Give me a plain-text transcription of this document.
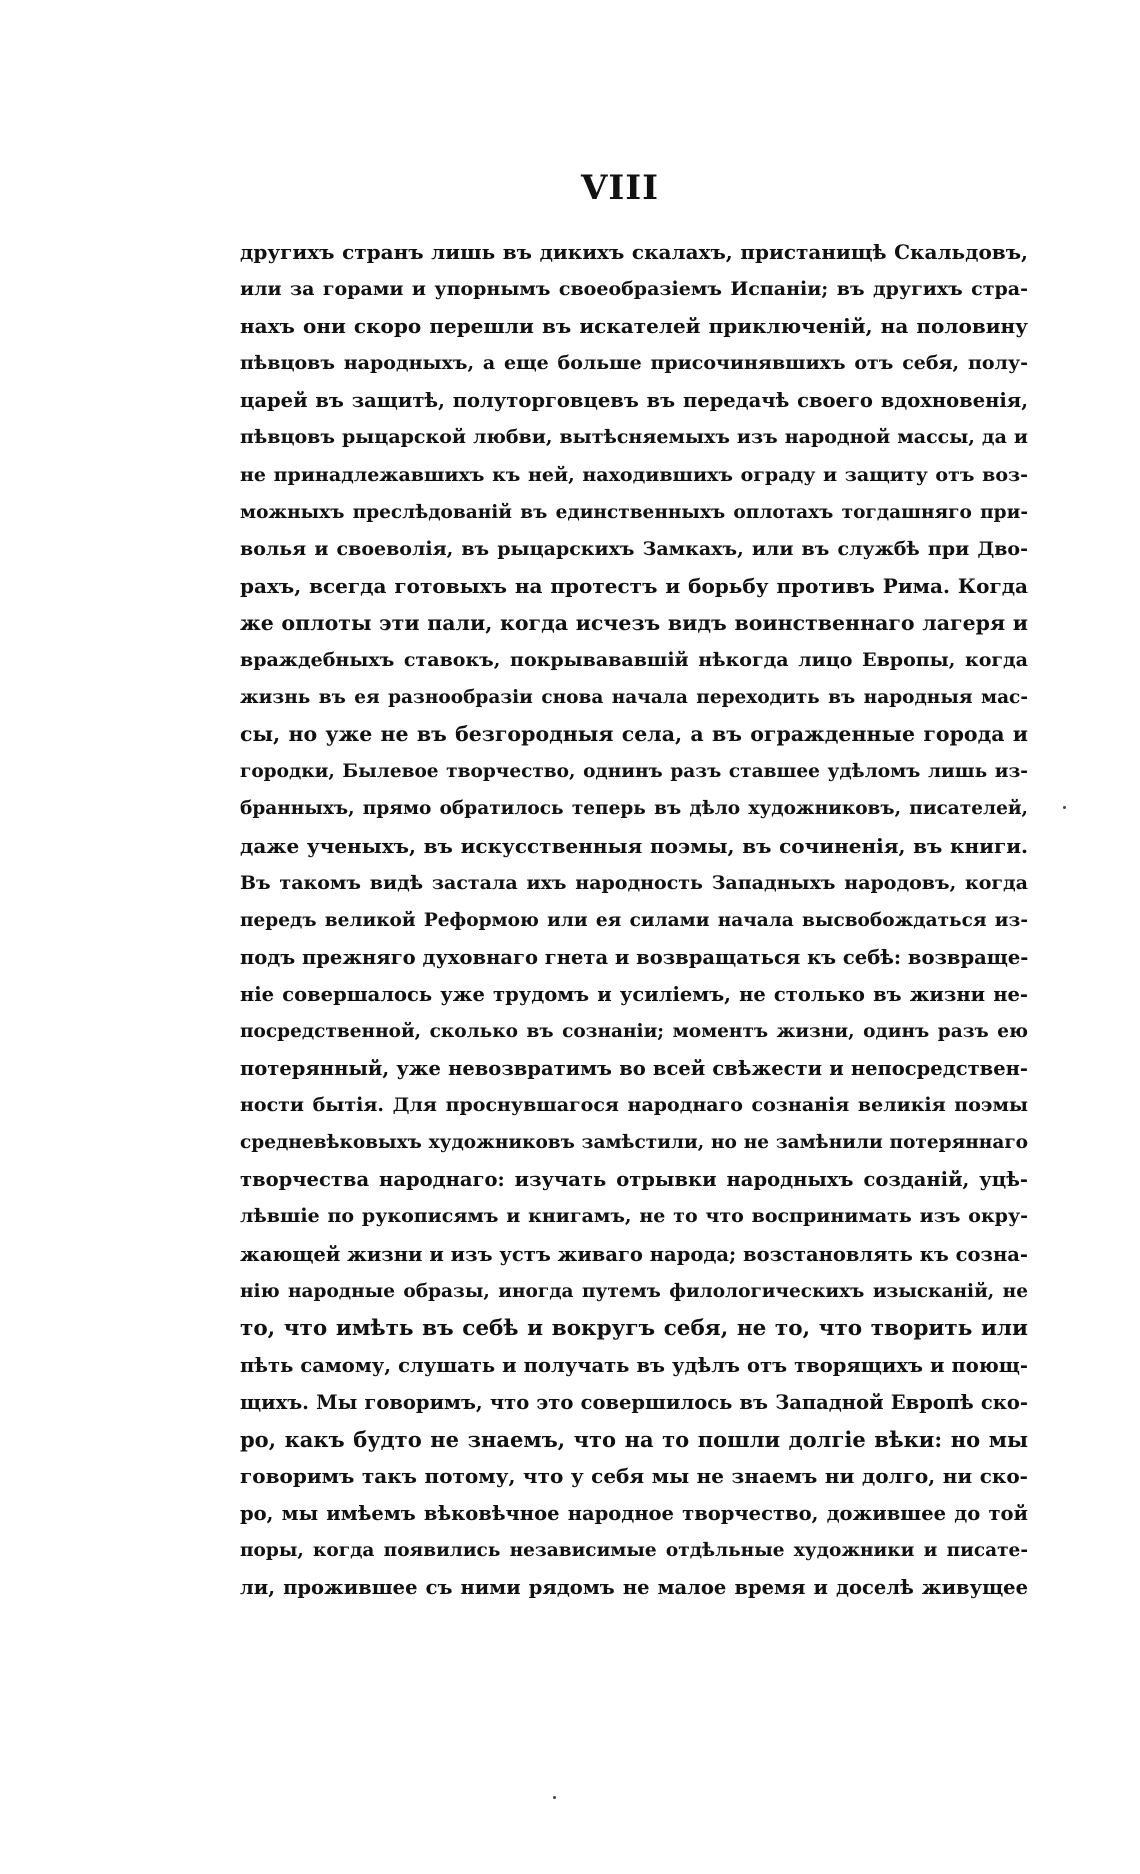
VIII
другихъ странъ лишь въ дикихъ скалахъ, пристанищѣ Скальдовъ,
или за горами и упорнымъ своеобразіемъ Испаніи; въ другихъ стра-
нахъ они скоро перешли въ искателей приключеній, на половину
пѣвцовъ народныхъ, а еще больше присочинявшихъ отъ себя, полу-
царей въ защитѣ, полуторговцевъ въ передачѣ своего вдохновенія,
пѣвцовъ рыцарской любви, вытѣсняемыхъ изъ народной массы, да и
не принадлежавшихъ къ ней, находившихъ ограду и защиту отъ воз-
можныхъ преслѣдованій въ единственныхъ оплотахъ тогдашняго при-
волья и своеволія, въ рыцарскихъ Замкахъ, или въ службѣ при Дво-
рахъ, всегда готовыхъ на протестъ и борьбу противъ Рима. Когда
же оплоты эти пали, когда исчезъ видъ воинственнаго лагеря и
враждебныхъ ставокъ, покрывававшій нѣкогда лицо Европы, когда
жизнь въ ея разнообразіи снова начала переходить въ народныя мас-
сы, но уже не въ безгородныя села, а въ огражденные города и
городки, Былевое творчество, однинъ разъ ставшее удѣломъ лишь из-
бранныхъ, прямо обратилось теперь въ дѣло художниковъ, писателей,
даже ученыхъ, въ искусственныя поэмы, въ сочиненія, въ книги.
Въ такомъ видѣ застала ихъ народность Западныхъ народовъ, когда
передъ великой Реформою или ея силами начала высвобождаться из-
подъ прежняго духовнаго гнета и возвращаться къ себѣ: возвраще-
ніе совершалось уже трудомъ и усиліемъ, не столько въ жизни не-
посредственной, сколько въ сознаніи; моментъ жизни, одинъ разъ ею
потерянный, уже невозвратимъ во всей свѣжести и непосредствен-
ности бытія. Для проснувшагося народнаго сознанія великія поэмы
средневѣковыхъ художниковъ замѣстили, но не замѣнили потеряннаго
творчества народнаго: изучать отрывки народныхъ созданій, уцѣ-
лѣвшіе по рукописямъ и книгамъ, не то что воспринимать изъ окру-
жающей жизни и изъ устъ живаго народа; возстановлять къ созна-
нію народные образы, иногда путемъ филологическихъ изысканій, не
то, что имѣть въ себѣ и вокругъ себя, не то, что творить или
пѣть самому, слушать и получать въ удѣлъ отъ творящихъ и поющ-
щихъ. Мы говоримъ, что это совершилось въ Западной Европѣ ско-
ро, какъ будто не знаемъ, что на то пошли долгіе вѣки: но мы
говоримъ такъ потому, что у себя мы не знаемъ ни долго, ни ско-
ро, мы имѣемъ вѣковѣчное народное творчество, дожившее до той
поры, когда появились независимые отдѣльные художники и писате-
ли, прожившее съ ними рядомъ не малое время и доселѣ живущее
